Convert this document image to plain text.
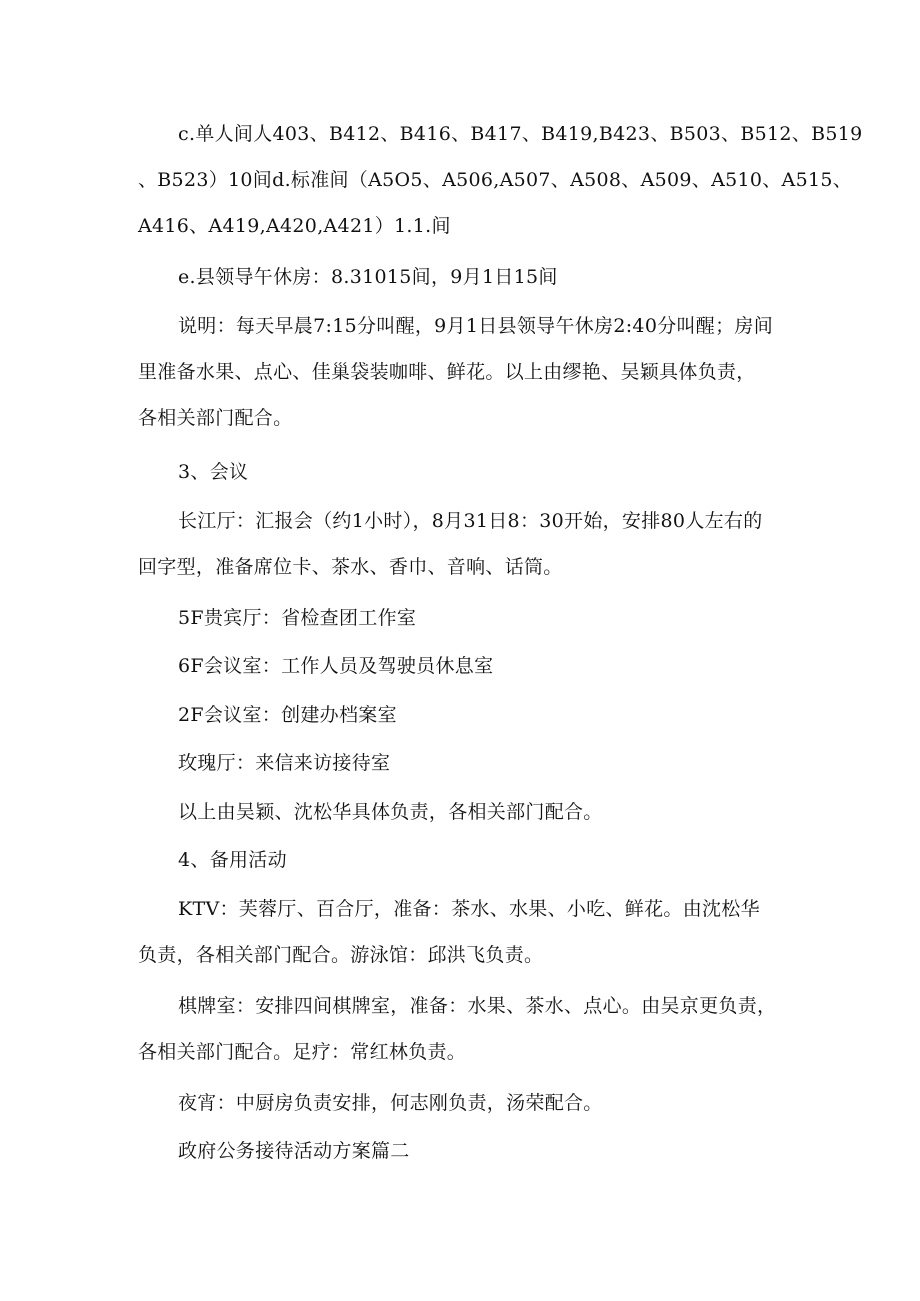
c.单人间人403、B412、B416、B417、B419,B423、B503、B512、B519
、B523）10间d.标准间（A5O5、A506,A507、A508、A509、A510、A515、
A416、A419,A420,A421）1.1.间

e.县领导午休房：8.31015间，9月1日15间

说明：每天早晨7:15分叫醒，9月1日县领导午休房2:40分叫醒；房间
里准备水果、点心、佳巢袋装咖啡、鲜花。以上由缪艳、吴颖具体负责，
各相关部门配合。

3、会议

长江厅：汇报会（约1小时），8月31日8：30开始，安排80人左右的
回字型，准备席位卡、茶水、香巾、音响、话筒。

5F贵宾厅：省检查团工作室

6F会议室：工作人员及驾驶员休息室

2F会议室：创建办档案室

玫瑰厅：来信来访接待室

以上由吴颖、沈松华具体负责，各相关部门配合。

4、备用活动

KTV：芙蓉厅、百合厅，准备：茶水、水果、小吃、鲜花。由沈松华
负责，各相关部门配合。游泳馆：邱洪飞负责。

棋牌室：安排四间棋牌室，准备：水果、茶水、点心。由吴京更负责，
各相关部门配合。足疗：常红林负责。

夜宵：中厨房负责安排，何志刚负责，汤荣配合。

政府公务接待活动方案篇二
